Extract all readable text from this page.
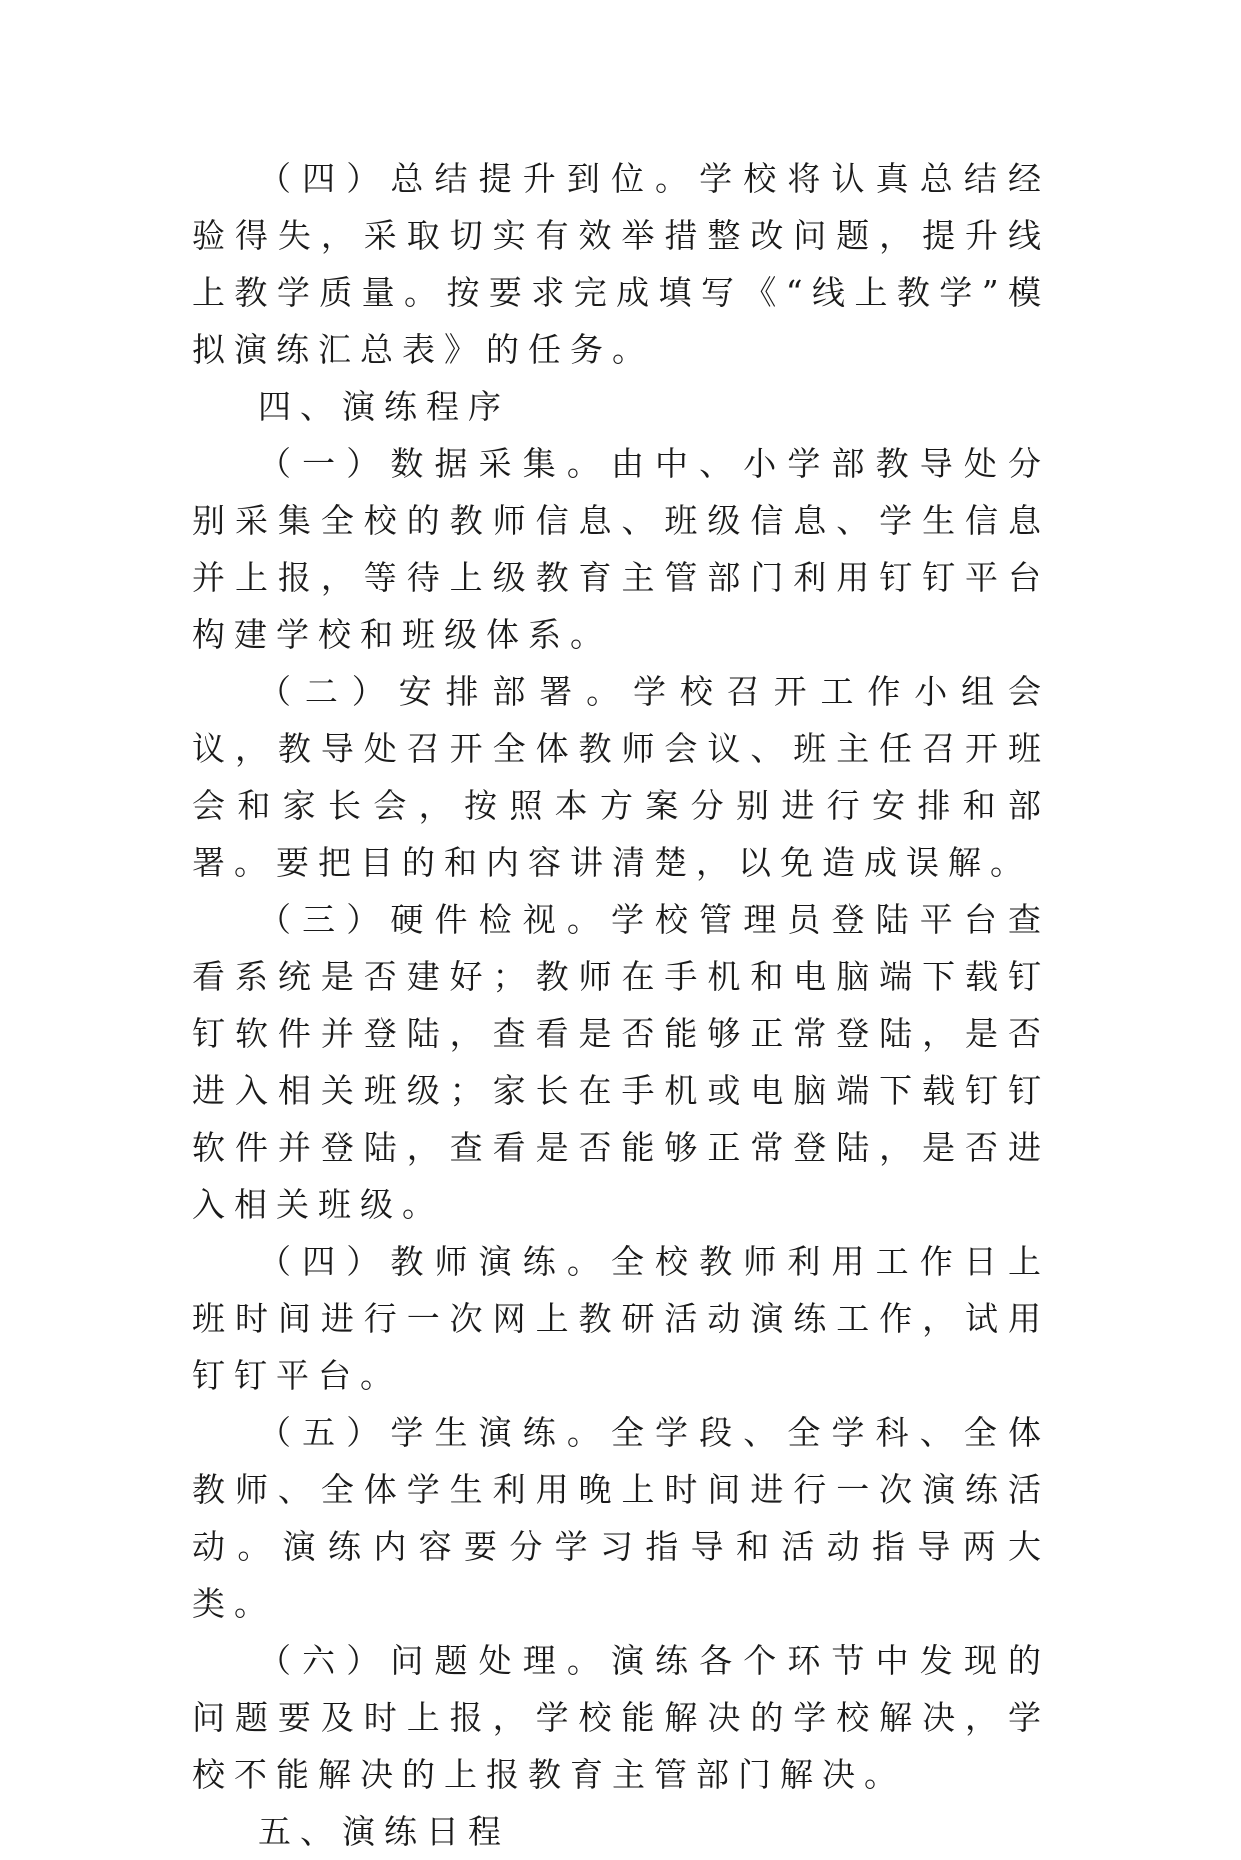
（四）总结提升到位。学校将认真总结经验得失，采取切实有效举措整改问题，提升线上教学质量。按要求完成填写《“线上教学”模拟演练汇总表》的任务。

四、演练程序

（一）数据采集。由中、小学部教导处分别采集全校的教师信息、班级信息、学生信息并上报，等待上级教育主管部门利用钉钉平台构建学校和班级体系。

（二）安排部署。学校召开工作小组会议，教导处召开全体教师会议、班主任召开班会和家长会，按照本方案分别进行安排和部署。要把目的和内容讲清楚，以免造成误解。

（三）硬件检视。学校管理员登陆平台查看系统是否建好；教师在手机和电脑端下载钉钉软件并登陆，查看是否能够正常登陆，是否进入相关班级；家长在手机或电脑端下载钉钉软件并登陆，查看是否能够正常登陆，是否进入相关班级。

（四）教师演练。全校教师利用工作日上班时间进行一次网上教研活动演练工作，试用钉钉平台。

（五）学生演练。全学段、全学科、全体教师、全体学生利用晚上时间进行一次演练活动。演练内容要分学习指导和活动指导两大类。

（六）问题处理。演练各个环节中发现的问题要及时上报，学校能解决的学校解决，学校不能解决的上报教育主管部门解决。

五、演练日程
